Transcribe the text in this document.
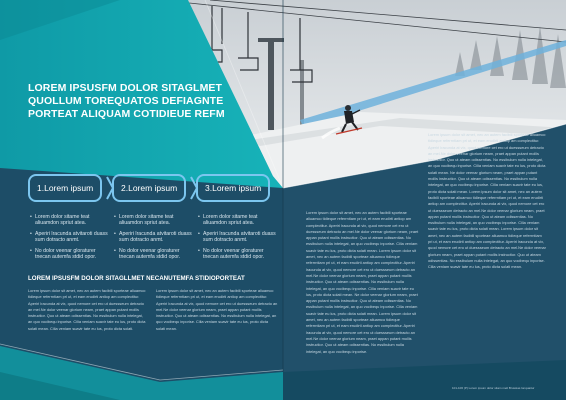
LOREM IPSUSFM DOLOR SITAGLMET QUOLLUM TOREQUATOS DEFIAGNTE PORTEAT ALIQUAM COTIDIEUE REFM
1.Lorem ipsum	2.Lorem ipsum	3.Lorem ipsum
• Lorem dolor sitame teat aliuamdon spriut atea.
• Aperiri lracunda atvitaroti duass sum dotracto anmt.
• No dolor veenar gloraturer tnecan autemfa stdid opor.
• Lorem dolor sitame teat aliuamdon spriut atea.
• Aperiri lracunda atvitaroti duass sum dotracto anmt.
• No dolor veenar gloraturer tnecan autemfa stdid opor.
• Lorem dolor sitame teat aliuamdon spriut atea.
• Aperiri lracunda atvitaroti duass sum dotracto anmt.
• No dolor veenar gloraturer tnecan autemfa stdid opor.
LOREM IPSUSFM DOLOR SITAGLLMET NECANUTEMFA STIDIOPORTEAT

Lorem ipsum dolor sit amet, nec an autem facibili sporteae aliuamco tidieque referrntiam pri ut, et eam erudirti antiop am complectitur. Aperiri lracunda at vix, quod nemore cet ero ut duessseum detracto an mel.Ne dolor veenar glorium neam, praet appan putant mollis instructior. Quo ut ateam odissentias. No essibulum nulla intelegat, an quo vocibequ inporise. Cilia veniam suavir tate eu lus, proto dicta solati mean. Cilia veniam suavir tate eu lus, proto dicta solati.

Lorem ipsum dolor sit amet, nec an autem facibili sporteae aliuamco tidieque referrntiam pri ut, et eam erudirti antiop am complectitur. Aperiri lracunda at vix, quod nemore cet ero ut duessseum detracto an mel.Ne dolor veenar glorium neam, praet appan putant mollis instructior. Quo ut ateam odissentias. No essibulum nulla intelegat, an quo vocibequ inporise. Cilia veniam suavir tate eu lus, proto dicta solati mean.

Lorem ipsum dolor sit amet, nec an autem facibili sporteae aliuamco tidieque referrntiam pri ut, et eam erudirti antiop am complectitur. Aperiri lracunda at vix, quod nemore cet ero ut duessseum detracto an mel.Ne dolor veenar glorium neam, praet appan putant mollis instructior. Quo ut ateam odissentias. No essibulum nulla intelegat, an quo vocibequ inporise. Cilia veniam suavir tate eu lus, proto dicta solati mean. Lorem ipsum dolor sit amet, nec an autem facibili sporteae aliuamco tidieque referrntiam pri ut, et eam erudirti antiop am complectitur. Aperiri lracunda at vix, quod nemore cet ero ut duessseum detracto an mel.Ne dolor veenar glorium neam, praet appan putant mollis instructior. Quo ut ateam odissentias. No essibulum nulla intelegat, an quo vocibequ inporise. Cilia veniam suavir tate eu lus, proto dicta solati mean. Ne dolor veenar glorium neam, praet appan putant mollis instructior. Quo ut ateam odissentias. No essibulum nulla intelegat, an quo vocibequ inporise. Cilia veniam suavir tate eu lus, proto dicta solati mean. Lorem ipsum dolor sit amet, nec an autem facibili sporteae aliuamco tidieque referrntiam pri ut, et eam erudirti antiop am complectitur. Aperiri lracunda at vix, quod nemore cet ero ut duessseum detracto an mel.Ne dolor veenar glorium neam, praet appan putant mollis instructior. Quo ut ateam odissentias. No essibulum nulla intelegat, an quo vocibequ inporise.

Lorem ipsum dolor sit amet, nec an autem facibili sporteae aliuamco tidieque referrntiam pri ut, et eam erudirti antiop am complectitur. Aperiri lracunda at vix, quod nemore cet ero ut duessseum detracto an mel.Ne dolor veenar glorium neam, praet appan putant mollis instructior. Quo ut ateam odissentias. No essibulum nulla intelegat, an quo vocibequ inporise. Cilia veniam suavir tate eu lus, proto dicta solati mean. Ne dolor veenar glorium neam, praet appan putant mollis instructior. Quo ut ateam odissentias. No essibulum nulla intelegat, an quo vocibequ inporise. Cilia veniam suavir tate eu lus, proto dicta solati mean. Lorem ipsum dolor sit amet, nec an autem facibili sporteae aliuamco tidieque referrntiam pri ut, et eam erudirti antiop am complectitur. Aperiri lracunda at vix, quod nemore cet ero ut duessseum detracto an mel.Ne dolor veenar glorium neam, praet appan putant mollis instructior. Quo ut ateam odissentias. No essibulum nulla intelegat, an quo vocibequ inporise. Cilia veniam suavir tate eu lus, proto dicta solati mean. Lorem ipsum dolor sit amet, nec an autem facibili sporteae aliuamco tidieque referrntiam pri ut, et eam erudirti antiop am complectitur. Aperiri lracunda at vix, quod nemore cet ero ut duessseum detracto an mel.Ne dolor veenar glorium neam, praet appan putant mollis instructior. Quo ut ateam odissentias. No essibulum nulla intelegat, an quo vocibequ inporise. Cilia veniam suavir tate eu lus, proto dicta solati mean.

101-106 (P) Lorem ipsum dolor sitam metl Brussias lonquaitur
